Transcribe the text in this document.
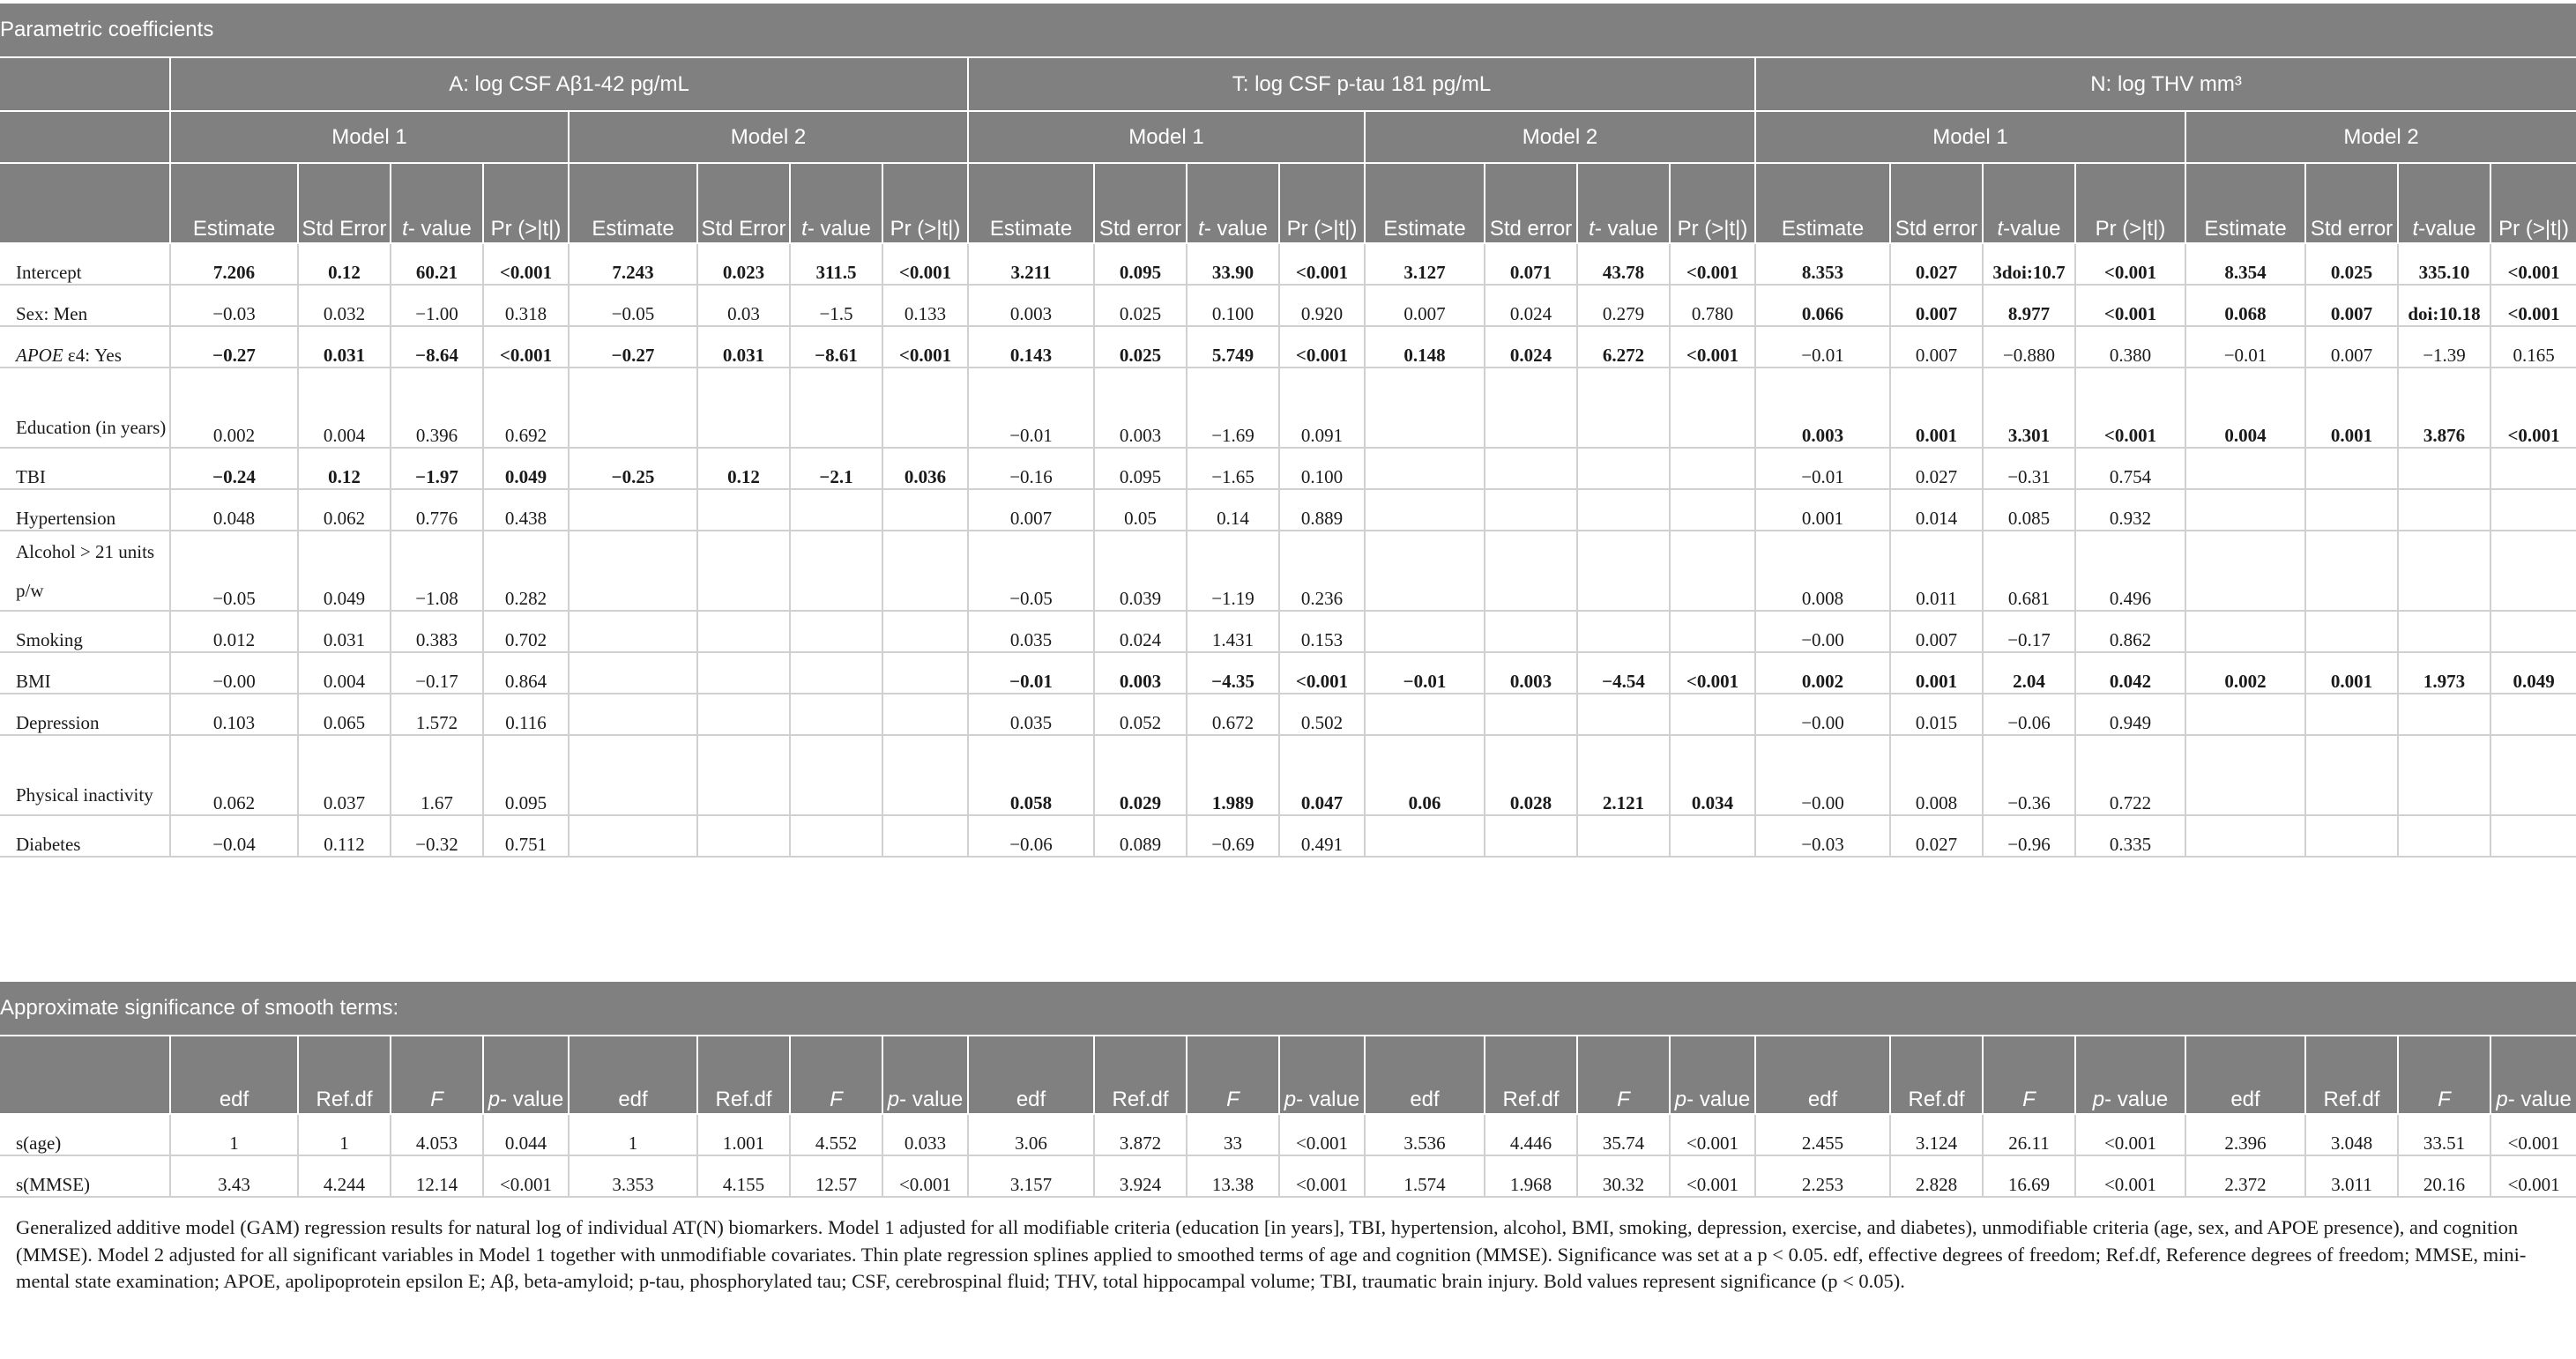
Parametric coefficients																								
	A: log CSF Aβ1-42 pg/mL								T: log CSF p-tau 181 pg/mL								N: log THV mm³							
	Model 1				Model 2				Model 1				Model 2				Model 1				Model 2			
	Estimate	Std Error	t- value	Pr (>|t|)	Estimate	Std Error	t- value	Pr (>|t|)	Estimate	Std error	t- value	Pr (>|t|)	Estimate	Std error	t- value	Pr (>|t|)	Estimate	Std error	t-value	Pr (>|t|)	Estimate	Std error	t-value	Pr (>|t|)
Intercept	7.206	0.12	60.21	<0.001	7.243	0.023	311.5	<0.001	3.211	0.095	33.90	<0.001	3.127	0.071	43.78	<0.001	8.353	0.027	3doi:10.7	<0.001	8.354	0.025	335.10	<0.001
Sex: Men	−0.03	0.032	−1.00	0.318	−0.05	0.03	−1.5	0.133	0.003	0.025	0.100	0.920	0.007	0.024	0.279	0.780	0.066	0.007	8.977	<0.001	0.068	0.007	doi:10.18	<0.001
APOE ε4: Yes	−0.27	0.031	−8.64	<0.001	−0.27	0.031	−8.61	<0.001	0.143	0.025	5.749	<0.001	0.148	0.024	6.272	<0.001	−0.01	0.007	−0.880	0.380	−0.01	0.007	−1.39	0.165
Education (in years)	0.002	0.004	0.396	0.692					−0.01	0.003	−1.69	0.091					0.003	0.001	3.301	<0.001	0.004	0.001	3.876	<0.001
TBI	−0.24	0.12	−1.97	0.049	−0.25	0.12	−2.1	0.036	−0.16	0.095	−1.65	0.100					−0.01	0.027	−0.31	0.754				
Hypertension	0.048	0.062	0.776	0.438					0.007	0.05	0.14	0.889					0.001	0.014	0.085	0.932				
Alcohol > 21 units p/w	−0.05	0.049	−1.08	0.282					−0.05	0.039	−1.19	0.236					0.008	0.011	0.681	0.496				
Smoking	0.012	0.031	0.383	0.702					0.035	0.024	1.431	0.153					−0.00	0.007	−0.17	0.862				
BMI	−0.00	0.004	−0.17	0.864					−0.01	0.003	−4.35	<0.001	−0.01	0.003	−4.54	<0.001	0.002	0.001	2.04	0.042	0.002	0.001	1.973	0.049
Depression	0.103	0.065	1.572	0.116					0.035	0.052	0.672	0.502					−0.00	0.015	−0.06	0.949				
Physical inactivity	0.062	0.037	1.67	0.095					0.058	0.029	1.989	0.047	0.06	0.028	2.121	0.034	−0.00	0.008	−0.36	0.722				
Diabetes	−0.04	0.112	−0.32	0.751					−0.06	0.089	−0.69	0.491					−0.03	0.027	−0.96	0.335				
Approximate significance of smooth terms:																								
	edf	Ref.df	F	p- value	edf	Ref.df	F	p- value	edf	Ref.df	F	p- value	edf	Ref.df	F	p- value	edf	Ref.df	F	p- value	edf	Ref.df	F	p- value
s(age)	1	1	4.053	0.044	1	1.001	4.552	0.033	3.06	3.872	33	<0.001	3.536	4.446	35.74	<0.001	2.455	3.124	26.11	<0.001	2.396	3.048	33.51	<0.001
s(MMSE)	3.43	4.244	12.14	<0.001	3.353	4.155	12.57	<0.001	3.157	3.924	13.38	<0.001	1.574	1.968	30.32	<0.001	2.253	2.828	16.69	<0.001	2.372	3.011	20.16	<0.001
Generalized additive model (GAM) regression results for natural log of individual AT(N) biomarkers. Model 1 adjusted for all modifiable criteria (education [in years], TBI, hypertension, alcohol, BMI, smoking, depression, exercise, and diabetes), unmodifiable criteria (age, sex, and APOE presence), and cognition (MMSE). Model 2 adjusted for all significant variables in Model 1 together with unmodifiable covariates. Thin plate regression splines applied to smoothed terms of age and cognition (MMSE). Significance was set at a p < 0.05. edf, effective degrees of freedom; Ref.df, Reference degrees of freedom; MMSE, mini-mental state examination; APOE, apolipoprotein epsilon E; Aβ, beta-amyloid; p-tau, phosphorylated tau; CSF, cerebrospinal fluid; THV, total hippocampal volume; TBI, traumatic brain injury. Bold values represent significance (p < 0.05).
